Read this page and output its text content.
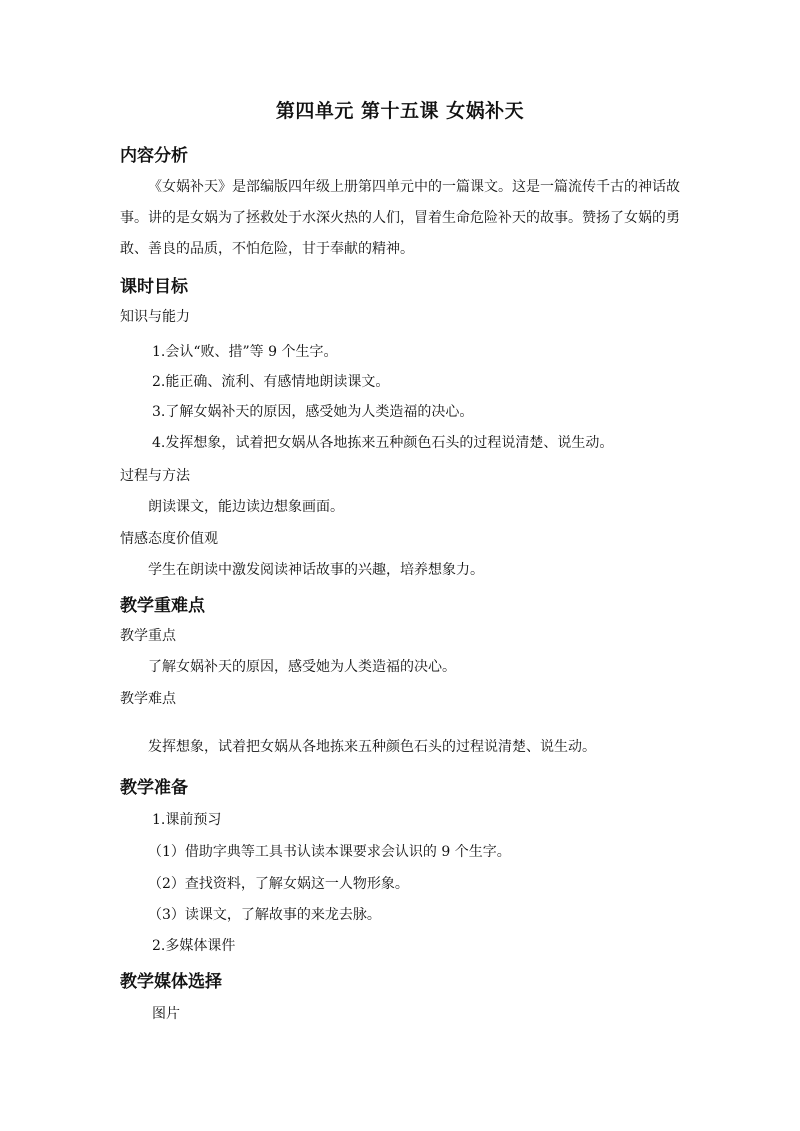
第四单元 第十五课 女娲补天
内容分析
《女娲补天》是部编版四年级上册第四单元中的一篇课文。这是一篇流传千古的神话故事。讲的是女娲为了拯救处于水深火热的人们，冒着生命危险补天的故事。赞扬了女娲的勇敢、善良的品质，不怕危险，甘于奉献的精神。
课时目标
知识与能力
1.会认“败、措”等 9 个生字。
2.能正确、流利、有感情地朗读课文。
3.了解女娲补天的原因，感受她为人类造福的决心。
4.发挥想象，试着把女娲从各地拣来五种颜色石头的过程说清楚、说生动。
过程与方法
朗读课文，能边读边想象画面。
情感态度价值观
学生在朗读中激发阅读神话故事的兴趣，培养想象力。
教学重难点
教学重点
了解女娲补天的原因，感受她为人类造福的决心。
教学难点
发挥想象，试着把女娲从各地拣来五种颜色石头的过程说清楚、说生动。
教学准备
1.课前预习
（1）借助字典等工具书认读本课要求会认识的 9 个生字。
（2）查找资料，了解女娲这一人物形象。
（3）读课文，了解故事的来龙去脉。
2.多媒体课件
教学媒体选择
图片
